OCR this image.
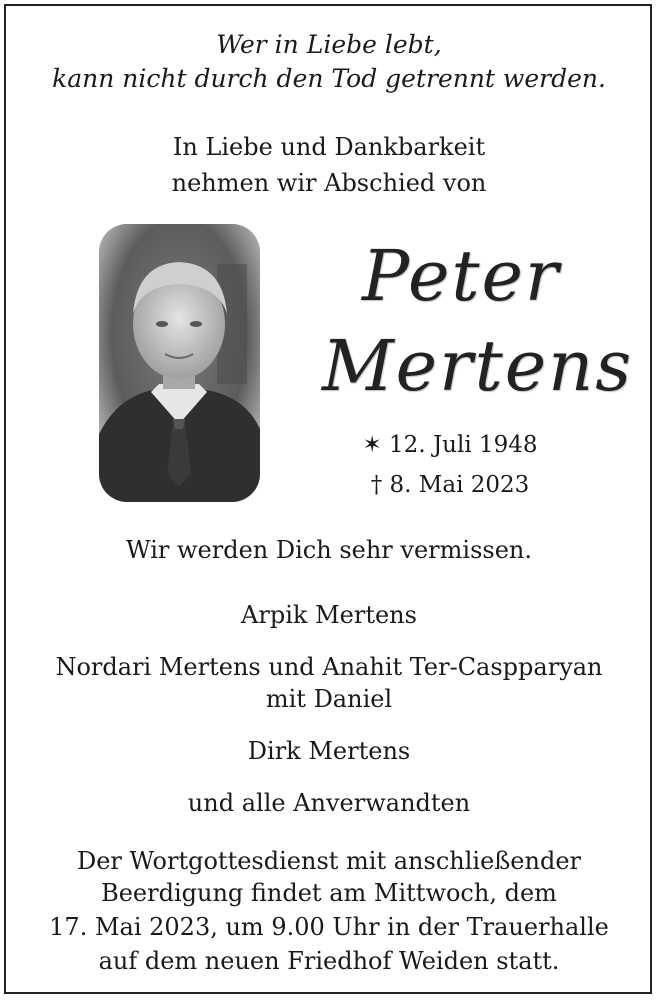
Wer in Liebe lebt,
kann nicht durch den Tod getrennt werden.
In Liebe und Dankbarkeit
nehmen wir Abschied von
Peter
Mertens
✶ 12. Juli 1948
† 8. Mai 2023
Wir werden Dich sehr vermissen.
Arpik Mertens
Nordari Mertens und Anahit Ter-Caspparyan
mit Daniel
Dirk Mertens
und alle Anverwandten
Der Wortgottesdienst mit anschließender
Beerdigung findet am Mittwoch, dem
17. Mai 2023, um 9.00 Uhr in der Trauerhalle
auf dem neuen Friedhof Weiden statt.
